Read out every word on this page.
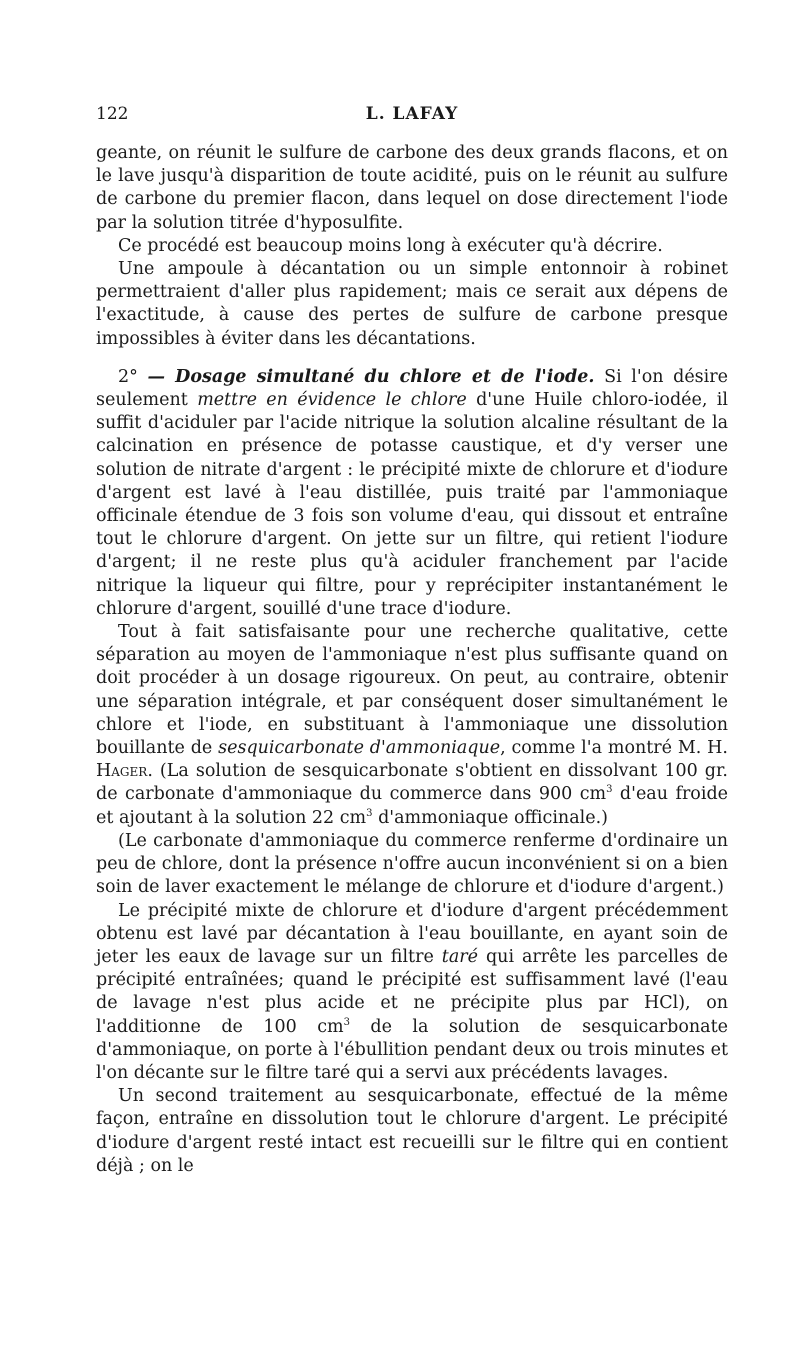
122	L. LAFAY

geante, on réunit le sulfure de carbone des deux grands flacons, et on le lave jusqu'à disparition de toute acidité, puis on le réunit au sulfure de carbone du premier flacon, dans lequel on dose directement l'iode par la solution titrée d'hyposulfite.

Ce procédé est beaucoup moins long à exécuter qu'à décrire.

Une ampoule à décantation ou un simple entonnoir à robinet permettraient d'aller plus rapidement; mais ce serait aux dépens de l'exactitude, à cause des pertes de sulfure de carbone presque impossibles à éviter dans les décantations.

2° — Dosage simultané du chlore et de l'iode. Si l'on désire seulement mettre en évidence le chlore d'une Huile chloro-iodée, il suffit d'aciduler par l'acide nitrique la solution alcaline résultant de la calcination en présence de potasse caustique, et d'y verser une solution de nitrate d'argent : le précipité mixte de chlorure et d'iodure d'argent est lavé à l'eau distillée, puis traité par l'ammoniaque officinale étendue de 3 fois son volume d'eau, qui dissout et entraîne tout le chlorure d'argent. On jette sur un filtre, qui retient l'iodure d'argent; il ne reste plus qu'à aciduler franchement par l'acide nitrique la liqueur qui filtre, pour y reprécipiter instantanément le chlorure d'argent, souillé d'une trace d'iodure.

Tout à fait satisfaisante pour une recherche qualitative, cette séparation au moyen de l'ammoniaque n'est plus suffisante quand on doit procéder à un dosage rigoureux. On peut, au contraire, obtenir une séparation intégrale, et par conséquent doser simultanément le chlore et l'iode, en substituant à l'ammoniaque une dissolution bouillante de sesquicarbonate d'ammoniaque, comme l'a montré M. H. Hager. (La solution de sesquicarbonate s'obtient en dissolvant 100 gr. de carbonate d'ammoniaque du commerce dans 900 $cm^3$ d'eau froide et ajoutant à la solution 22 $cm^3$ d'ammoniaque officinale.)

(Le carbonate d'ammoniaque du commerce renferme d'ordinaire un peu de chlore, dont la présence n'offre aucun inconvénient si on a bien soin de laver exactement le mélange de chlorure et d'iodure d'argent.)

Le précipité mixte de chlorure et d'iodure d'argent précédemment obtenu est lavé par décantation à l'eau bouillante, en ayant soin de jeter les eaux de lavage sur un filtre taré qui arrête les parcelles de précipité entraînées; quand le précipité est suffisamment lavé (l'eau de lavage n'est plus acide et ne précipite plus par HCl), on l'additionne de 100 $cm^3$ de la solution de sesquicarbonate d'ammoniaque, on porte à l'ébullition pendant deux ou trois minutes et l'on décante sur le filtre taré qui a servi aux précédents lavages.

Un second traitement au sesquicarbonate, effectué de la même façon, entraîne en dissolution tout le chlorure d'argent. Le précipité d'iodure d'argent resté intact est recueilli sur le filtre qui en contient déjà ; on le
